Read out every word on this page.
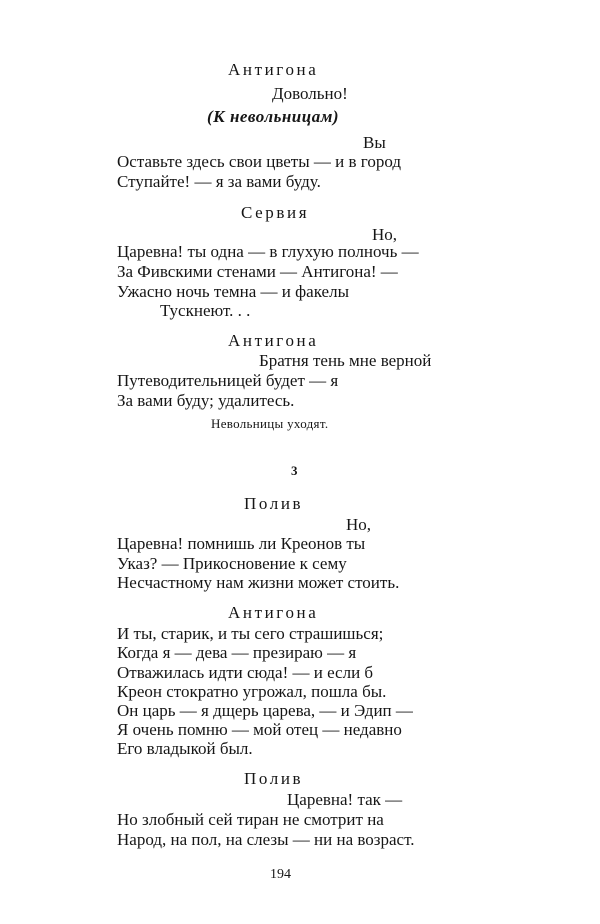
Антигона
Довольно!
(К невольницам)
Вы
Оставьте здесь свои цветы — и в город
Ступайте! — я за вами буду.
Сервия
Но,
Царевна! ты одна — в глухую полночь —
За Фивскими стенами — Антигона! —
Ужасно ночь темна — и факелы
Тускнеют. . .
Антигона
Братня тень мне верной
Путеводительницей будет — я
За вами буду; удалитесь.
Невольницы уходят.
3
Полив
Но,
Царевна! помнишь ли Креонов ты
Указ? — Прикосновение к сему
Несчастному нам жизни может стоить.
Антигона
И ты, старик, и ты сего страшишься;
Когда я — дева — презираю — я
Отважилась идти сюда! — и если б
Креон стократно угрожал, пошла бы.
Он царь — я дщерь царева, — и Эдип —
Я очень помню — мой отец — недавно
Его владыкой был.
Полив
Царевна! так —
Но злобный сей тиран не смотрит на
Народ, на пол, на слезы — ни на возраст.
194
